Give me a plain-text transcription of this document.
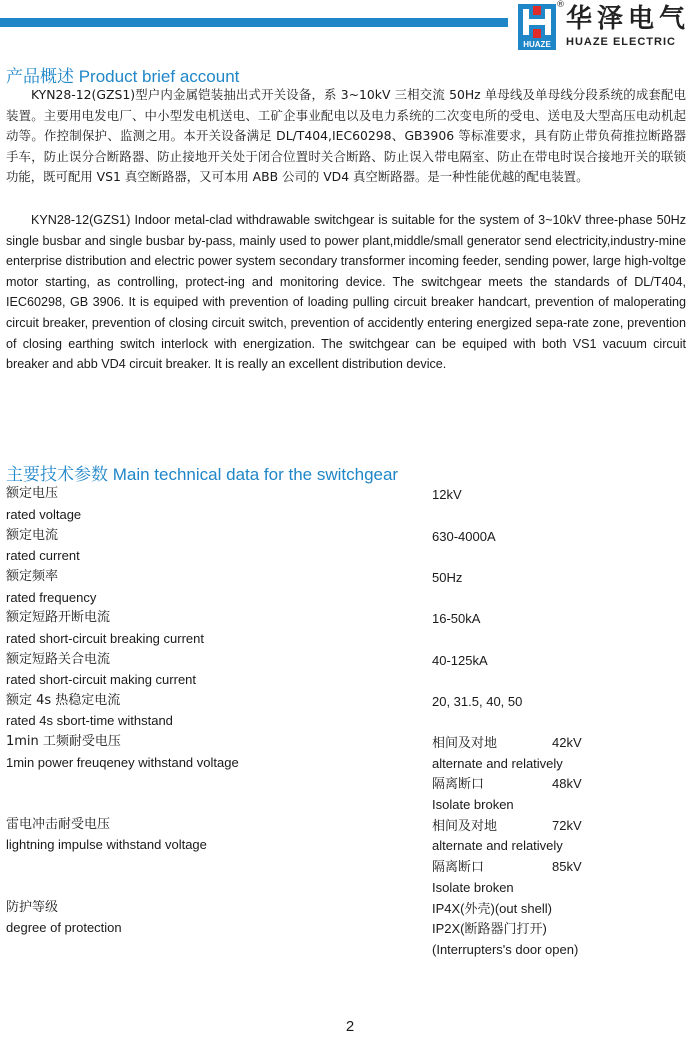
HUAZE
® 华泽电气
HUAZE ELECTRIC
产品概述 Product brief account

KYN28-12(GZS1)型户内金属铠装抽出式开关设备，系 3~10kV 三相交流 50Hz 单母线及单母线分段系统的成套配电装置。主要用电发电厂、中小型发电机送电、工矿企事业配电以及电力系统的二次变电所的受电、送电及大型高压电动机起动等。作控制保护、监测之用。本开关设备满足 DL/T404,IEC60298、GB3906 等标准要求，具有防止带负荷推拉断路器手车，防止误分合断路器、防止接地开关处于闭合位置时关合断路、防止误入带电隔室、防止在带电时误合接地开关的联锁功能，既可配用 VS1 真空断路器，又可本用 ABB 公司的 VD4 真空断路器。是一种性能优越的配电装置。

KYN28-12(GZS1) Indoor metal-clad withdrawable switchgear is suitable for the system of 3~10kV three-phase 50Hz single busbar and single busbar by-pass, mainly used to power plant,middle/small generator send electricity,industry-mine enterprise distribution and electric power system secondary transformer incoming feeder, sending power, large high-voltge motor starting, as controlling, protect-ing and monitoring device. The switchgear meets the standards of DL/T404, IEC60298, GB 3906. It is equiped with prevention of loading pulling circuit breaker handcart, prevention of maloperating circuit breaker, prevention of closing circuit switch, prevention of accidently entering energized sepa-rate zone, prevention of closing earthing switch interlock with energization. The switchgear can be equiped with both VS1 vacuum circuit breaker and abb VD4 circuit breaker. It is really an excellent distribution device.

主要技术参数 Main technical data for the switchgear
额定电压	12kV
rated voltage
额定电流	630-4000A
rated current
额定频率	50Hz
rated frequency
额定短路开断电流	16-50kA
rated short-circuit breaking current
额定短路关合电流	40-125kA
rated short-circuit making current
额定 4s 热稳定电流	20, 31.5, 40, 50
rated 4s sbort-time withstand
1min 工频耐受电压
1min power freuqeney withstand voltage
相间及对地	42kV
alternate and relatively
隔离断口	48kV
Isolate broken
雷电冲击耐受电压
lightning impulse withstand voltage
相间及对地	72kV
alternate and relatively
隔离断口	85kV
Isolate broken
防护等级
degree of protection
IP4X(外壳)(out shell)
IP2X(断路器门打开)
(Interrupters's door open)
2
